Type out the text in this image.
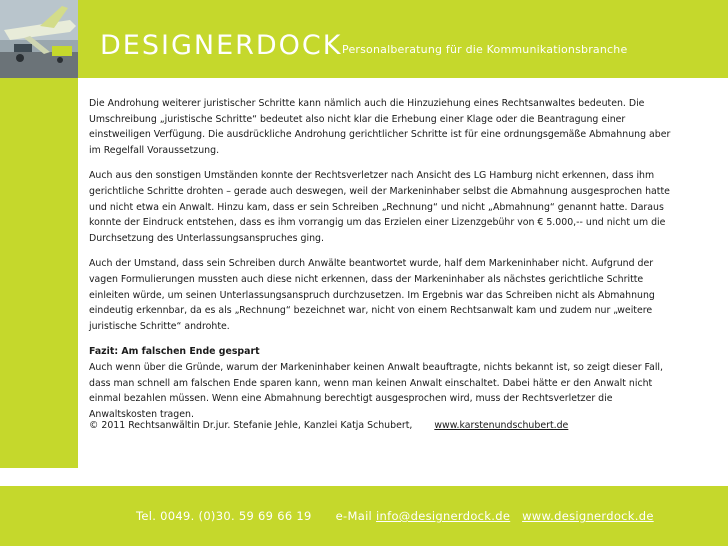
DESIGNERDOCK Personalberatung für die Kommunikationsbranche

Die Androhung weiterer juristischer Schritte kann nämlich auch die Hinzuziehung eines Rechtsanwaltes bedeuten. Die Umschreibung „juristische Schritte“ bedeutet also nicht klar die Erhebung einer Klage oder die Beantragung einer einstweiligen Verfügung. Die ausdrückliche Androhung gerichtlicher Schritte ist für eine ordnungsgemäße Abmahnung aber im Regelfall Voraussetzung.

Auch aus den sonstigen Umständen konnte der Rechtsverletzer nach Ansicht des LG Hamburg nicht erkennen, dass ihm gerichtliche Schritte drohten – gerade auch deswegen, weil der Markeninhaber selbst die Abmahnung ausgesprochen hatte und nicht etwa ein Anwalt. Hinzu kam, dass er sein Schreiben „Rechnung“ und nicht „Abmahnung“ genannt hatte. Daraus konnte der Eindruck entstehen, dass es ihm vorrangig um das Erzielen einer Lizenzgebühr von € 5.000,-- und nicht um die Durchsetzung des Unterlassungsanspruches ging.

Auch der Umstand, dass sein Schreiben durch Anwälte beantwortet wurde, half dem Markeninhaber nicht. Aufgrund der vagen Formulierungen mussten auch diese nicht erkennen, dass der Markeninhaber als nächstes gerichtliche Schritte einleiten würde, um seinen Unterlassungsanspruch durchzusetzen. Im Ergebnis war das Schreiben nicht als Abmahnung eindeutig erkennbar, da es als „Rechnung“ bezeichnet war, nicht von einem Rechtsanwalt kam und zudem nur „weitere juristische Schritte“ androhte.

Fazit: Am falschen Ende gespart

Auch wenn über die Gründe, warum der Markeninhaber keinen Anwalt beauftragte, nichts bekannt ist, so zeigt dieser Fall, dass man schnell am falschen Ende sparen kann, wenn man keinen Anwalt einschaltet. Dabei hätte er den Anwalt nicht einmal bezahlen müssen. Wenn eine Abmahnung berechtigt ausgesprochen wird, muss der Rechtsverletzer die Anwaltskosten tragen.

© 2011 Rechtsanwältin Dr.jur. Stefanie Jehle, Kanzlei Katja Schubert, www.karstenundschubert.de
Tel. 0049. (0)30. 59 69 66 19 e-Mail info@designerdock.de www.designerdock.de
